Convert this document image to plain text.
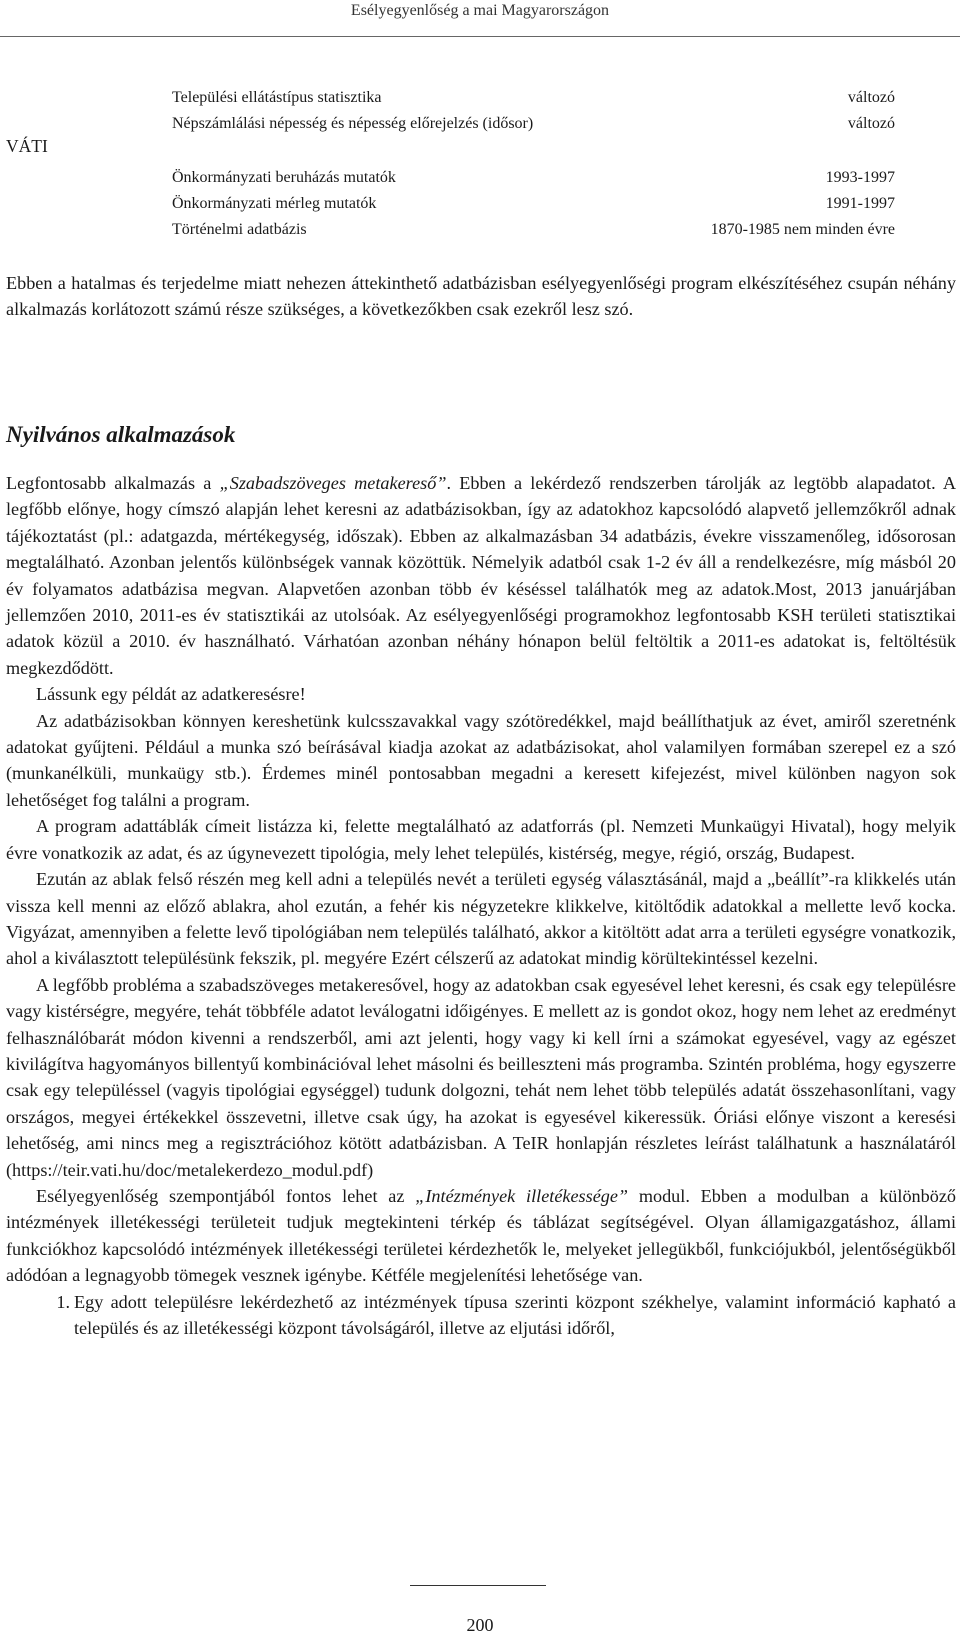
Esélyegyenlőség a mai Magyarországon
VÁTI
Települési ellátástípus statisztika	változó
Népszámlálási népesség és népesség előrejelzés (idősor)	változó
Önkormányzati beruházás mutatók	1993-1997
Önkormányzati mérleg mutatók	1991-1997
Történelmi adatbázis	1870-1985 nem minden évre

Ebben a hatalmas és terjedelme miatt nehezen áttekinthető adatbázisban esélyegyenlőségi program elkészítéséhez csupán néhány alkalmazás korlátozott számú része szükséges, a következőkben csak ezekről lesz szó.

Nyilvános alkalmazások

Legfontosabb alkalmazás a „Szabadszöveges metakereső”. Ebben a lekérdező rendszerben tárolják az legtöbb alapadatot. A legfőbb előnye, hogy címszó alapján lehet keresni az adatbázisokban, így az adatokhoz kapcsolódó alapvető jellemzőkről adnak tájékoztatást (pl.: adatgazda, mértékegység, időszak). Ebben az alkalmazásban 34 adatbázis, évekre visszamenőleg, idősorosan megtalálható. Azonban jelentős különbségek vannak közöttük. Némelyik adatból csak 1-2 év áll a rendelkezésre, míg másból 20 év folyamatos adatbázisa megvan. Alapvetően azonban több év késéssel találhatók meg az adatok.Most, 2013 januárjában jellemzően 2010, 2011-es év statisztikái az utolsóak. Az esélyegyenlőségi programokhoz legfontosabb KSH területi statisztikai adatok közül a 2010. év használható. Várhatóan azonban néhány hónapon belül feltöltik a 2011-es adatokat is, feltöltésük megkezdődött.

Lássunk egy példát az adatkeresésre!

Az adatbázisokban könnyen kereshetünk kulcsszavakkal vagy szótöredékkel, majd beállíthatjuk az évet, amiről szeretnénk adatokat gyűjteni. Például a munka szó beírásával kiadja azokat az adatbázisokat, ahol valamilyen formában szerepel ez a szó (munkanélküli, munkaügy stb.). Érdemes minél pontosabban megadni a keresett kifejezést, mivel különben nagyon sok lehetőséget fog találni a program.

A program adattáblák címeit listázza ki, felette megtalálható az adatforrás (pl. Nemzeti Munkaügyi Hivatal), hogy melyik évre vonatkozik az adat, és az úgynevezett tipológia, mely lehet település, kistérség, megye, régió, ország, Budapest.

Ezután az ablak felső részén meg kell adni a település nevét a területi egység választásánál, majd a „beállít”-ra klikkelés után vissza kell menni az előző ablakra, ahol ezután, a fehér kis négyzetekre klikkelve, kitöltődik adatokkal a mellette levő kocka. Vigyázat, amennyiben a felette levő tipológiában nem település található, akkor a kitöltött adat arra a területi egységre vonatkozik, ahol a kiválasztott településünk fekszik, pl. megyére Ezért célszerű az adatokat mindig körültekintéssel kezelni.

A legfőbb probléma a szabadszöveges metakeresővel, hogy az adatokban csak egyesével lehet keresni, és csak egy településre vagy kistérségre, megyére, tehát többféle adatot leválogatni időigényes. E mellett az is gondot okoz, hogy nem lehet az eredményt felhasználóbarát módon kivenni a rendszerből, ami azt jelenti, hogy vagy ki kell írni a számokat egyesével, vagy az egészet kivilágítva hagyományos billentyű kombinációval lehet másolni és beilleszteni más programba. Szintén probléma, hogy egyszerre csak egy településsel (vagyis tipológiai egységgel) tudunk dolgozni, tehát nem lehet több település adatát összehasonlítani, vagy országos, megyei értékekkel összevetni, illetve csak úgy, ha azokat is egyesével kikeressük. Óriási előnye viszont a keresési lehetőség, ami nincs meg a regisztrációhoz kötött adatbázisban. A TeIR honlapján részletes leírást találhatunk a használatáról (https://teir.vati.hu/doc/metalekerdezo_modul.pdf)

Esélyegyenlőség szempontjából fontos lehet az „Intézmények illetékessége” modul. Ebben a modulban a különböző intézmények illetékességi területeit tudjuk megtekinteni térkép és táblázat segítségével. Olyan államigazgatáshoz, állami funkciókhoz kapcsolódó intézmények illetékességi területei kérdezhetők le, melyeket jellegükből, funkciójukból, jelentőségükből adódóan a legnagyobb tömegek vesznek igénybe. Kétféle megjelenítési lehetősége van.

1. Egy adott településre lekérdezhető az intézmények típusa szerinti központ székhelye, valamint információ kapható a település és az illetékességi központ távolságáról, illetve az eljutási időről,
200
